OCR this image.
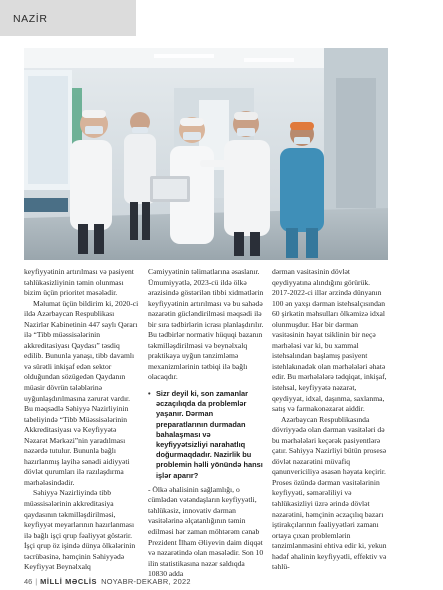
NAZİR

keyfiyyətinin artırılması və pasiyent təhlükəsizliyinin təmin olunması bizim üçün prioritet məsələdir.

Məlumat üçün bildirim ki, 2020-ci ildə Azərbaycan Respublikası Nazirlər Kabinetinin 447 saylı Qərarı ilə “Tibb müəssisələrinin akkreditasiyası Qaydası” təsdiq edilib. Bununla yanaşı, tibb davamlı və sürətli inkişaf edən sektor olduğundan sözügedən Qaydanın müasir dövrün tələblərinə uyğunlaşdırılmasına zərurət vardır. Bu məqsədlə Səhiyyə Nazirliyinin tabeliyində “Tibb Müəssisələrinin Akkreditasiyası və Keyfiyyətə Nəzarət Mərkəzi”nin yaradılması nəzərdə tutulur. Bununla bağlı hazırlanmış layihə sənədi aidiyyəti dövlət qurumları ilə razılaşdırma mərhələsindədir.

Səhiyyə Nazirliyində tibb müəssisələrinin akkreditasiya qaydasının təkmilləşdirilməsi, keyfiyyət meyarlarının hazırlanması ilə bağlı işçi qrup fəaliyyət göstərir. İşçi qrup öz işində dünya ölkələrinin təcrübəsinə, həmçinin Səhiyyədə Keyfiyyət Beynəlxalq

Cəmiyyətinin təlimatlarına əsaslanır. Ümumiyyətlə, 2023-cü ildə ölkə ərazisində göstərilən tibbi xidmətlərin keyfiyyətinin artırılması və bu sahədə nəzarətin gücləndirilməsi məqsədi ilə bir sıra tədbirlərin icrası planlaşdırılır. Bu tədbirlər normativ hüquqi bazanın təkmilləşdirilməsi və beynəlxalq praktikaya uyğun tənzimləmə mexanizmlərinin tətbiqi ilə bağlı olacaqdır.

• Sizr deyil ki, son zamanlar əczaçılıqda da problemlər yaşanır. Dərman preparatlarının durmadan bahalaşması və keyfiyyətsizliyi narahatlıq doğurmaqdadır. Nazirlik bu problemin həlli yönündə hansı işlər aparır?

- Ölkə əhalisinin sağlamlığı, o cümlədən vətəndaşların keyfiyyətli, təhlükəsiz, innovativ dərman vasitələrinə əlçatanlığının təmin edilməsi hər zaman möhtərəm cənab Prezident İlham Əliyevin daim diqqət və nəzarətində olan məsələdir. Son 10 ilin statistikasına nəzər saldıqda 10830 adda

dərman vasitəsinin dövlət qeydiyyatına alındığını görürük. 2017-2022-ci illər ərzində dünyanın 100 ən yaxşı dərman istehsalçısından 60 şirkətin məhsulları ölkəmizə idxal olunmuşdur. Hər bir dərman vasitəsinin həyat tsiklinin bir neçə mərhələsi var ki, bu xammal istehsalından başlamış pasiyent istehlakınadək olan mərhələləri əhatə edir. Bu mərhələlərə tədqiqat, inkişaf, istehsal, keyfiyyətə nəzarət, qeydiyyat, idxal, daşınma, saxlanma, satış və farmakonəzarət aiddir.

Azərbaycan Respublikasında dövriyyədə olan dərman vasitələri də bu mərhələləri keçərək pasiyentlərə çatır. Səhiyyə Nazirliyi bütün prosesə dövlət nəzarətini müvafiq qanunvericiliyə əsasən həyata keçirir. Proses özündə dərman vasitələrinin keyfiyyəti, səmərəliliyi və təhlükəsizliyi üzrə ərində dövlət nəzarətini, həmçinin əczaçılıq bazarı iştirakçılarının fəaliyyətləri zamanı ortaya çıxan problemlərin tənzimlənməsini ehtiva edir ki, yekun hədəf əhalinin keyfiyyətli, effektiv və təhlü-

46 | MİLLİ MƏCLİS NOYABR-DEKABR, 2022
